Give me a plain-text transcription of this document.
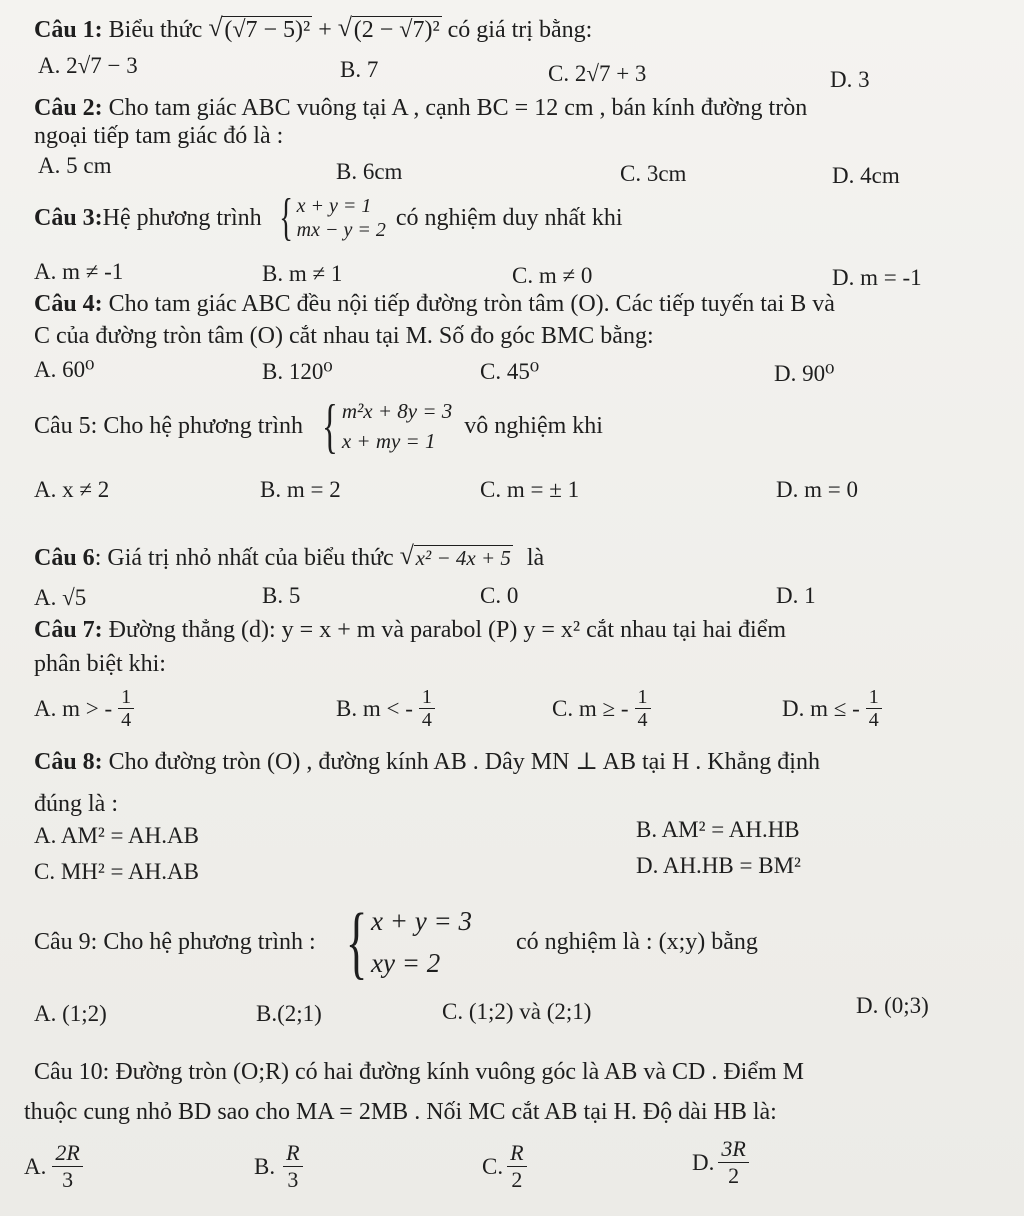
Câu 1: Biểu thức √ (√7 − 5)² + √ (2 − √7)² có giá trị bằng:
A. 2√7 − 3	B. 7	C. 2√7 + 3	D. 3
Câu 2: Cho tam giác ABC vuông tại A , cạnh BC = 12 cm , bán kính đường tròn
ngoại tiếp tam giác đó là :
A. 5 cm	B. 6cm	C. 3cm	D. 4cm
Câu 3: Hệ phương trình { x + y = 1
mx − y = 2 có nghiệm duy nhất khi
A. m ≠ -1	B. m ≠ 1	C. m ≠ 0	D. m = -1
Câu 4: Cho tam giác ABC đều nội tiếp đường tròn tâm (O). Các tiếp tuyến tai B và
C của đường tròn tâm (O) cắt nhau tại M. Số đo góc BMC bằng:
A. 60⁰	B. 120⁰	C. 45⁰	D. 90⁰
Câu 5: Cho hệ phương trình { m²x + 8y = 3
x + my = 1
vô nghiệm khi
A. x ≠ 2	B. m = 2	C. m = ± 1	D. m = 0
Câu 6: Giá trị nhỏ nhất của biểu thức √ x² − 4x + 5 là
A. √5	B. 5	C. 0	D. 1
Câu 7: Đường thẳng (d): y = x + m và parabol (P) y = x² cắt nhau tại hai điểm
phân biệt khi:
A. m > - $\frac{1}{4}$	B. m < - $\frac{1}{4}$	C. m ≥ - $\frac{1}{4}$	D. m ≤ - $\frac{1}{4}$
Câu 8: Cho đường tròn (O) , đường kính AB . Dây MN ⊥ AB tại H . Khẳng định
đúng là :
A. AM² = AH.AB	B. AM² = AH.HB
C. MH² = AH.AB	D. AH.HB = BM²
Câu 9: Cho hệ phương trình : { x + y = 3
xy = 2
có nghiệm là : (x;y) bằng
A. (1;2)	B.(2;1)	C. (1;2) và (2;1)	D. (0;3)
Câu 10: Đường tròn (O;R) có hai đường kính vuông góc là AB và CD . Điểm M
thuộc cung nhỏ BD sao cho MA = 2MB . Nối MC cắt AB tại H. Độ dài HB là:
A. $\frac{2R}{3}$	B. $\frac{R}{3}$	C. $\frac{R}{2}$	D. $\frac{3R}{2}$
